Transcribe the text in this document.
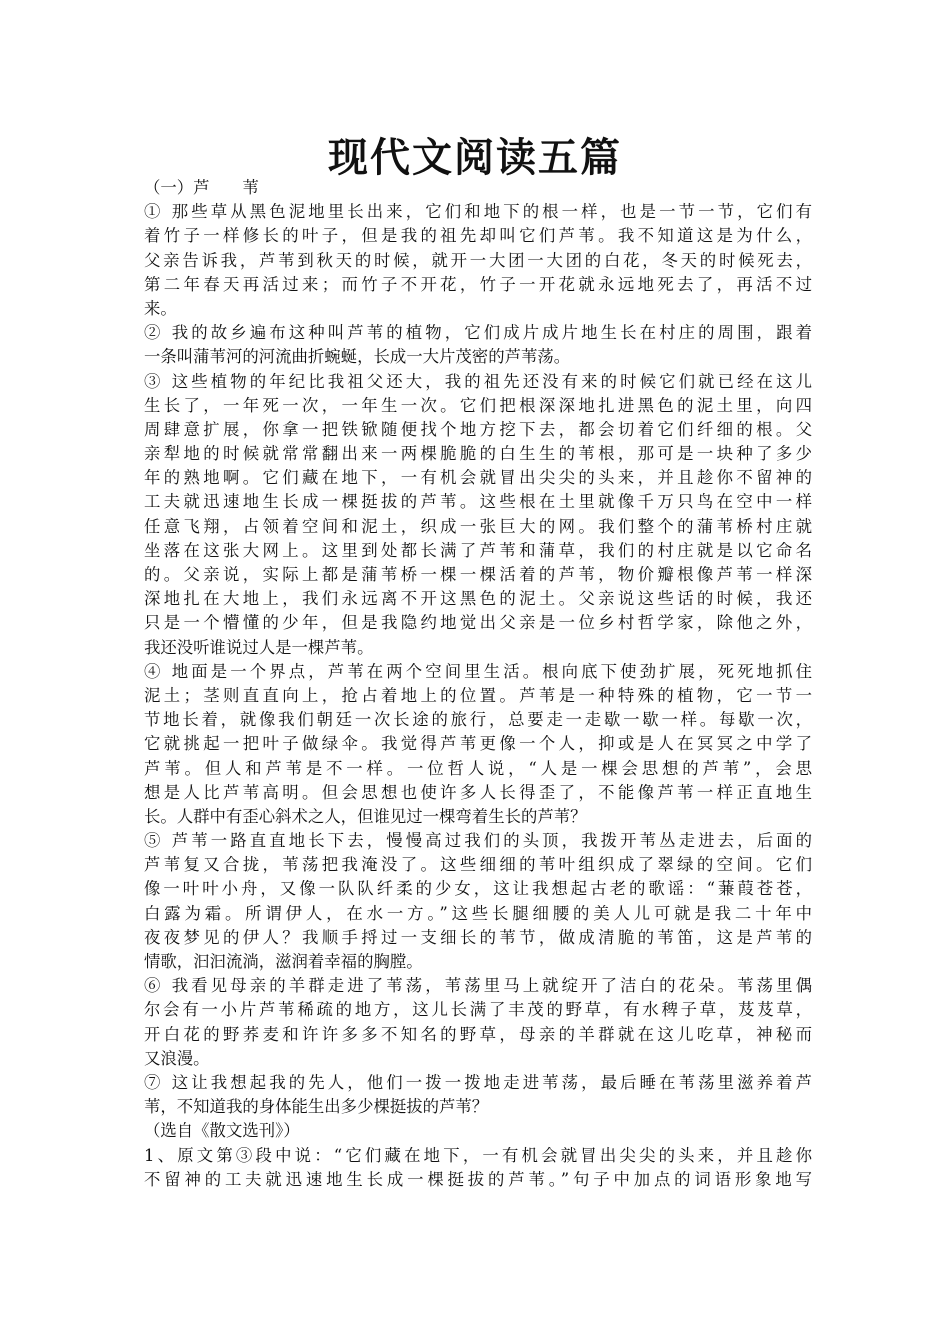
现代文阅读五篇
（一）芦　　苇
① 那些草从黑色泥地里长出来，它们和地下的根一样，也是一节一节，它们有
着竹子一样修长的叶子，但是我的祖先却叫它们芦苇。我不知道这是为什么，
父亲告诉我，芦苇到秋天的时候，就开一大团一大团的白花，冬天的时候死去，
第二年春天再活过来；而竹子不开花，竹子一开花就永远地死去了，再活不过
来。
② 我的故乡遍布这种叫芦苇的植物，它们成片成片地生长在村庄的周围，跟着
一条叫蒲苇河的河流曲折蜿蜒，长成一大片茂密的芦苇荡。
③ 这些植物的年纪比我祖父还大，我的祖先还没有来的时候它们就已经在这儿
生长了，一年死一次，一年生一次。它们把根深深地扎进黑色的泥土里，向四
周肆意扩展，你拿一把铁锨随便找个地方挖下去，都会切着它们纤细的根。父
亲犁地的时候就常常翻出来一两棵脆脆的白生生的苇根，那可是一块种了多少
年的熟地啊。它们藏在地下，一有机会就冒出尖尖的头来，并且趁你不留神的
工夫就迅速地生长成一棵挺拔的芦苇。这些根在土里就像千万只鸟在空中一样
任意飞翔，占领着空间和泥土，织成一张巨大的网。我们整个的蒲苇桥村庄就
坐落在这张大网上。这里到处都长满了芦苇和蒲草，我们的村庄就是以它命名
的。父亲说，实际上都是蒲苇桥一棵一棵活着的芦苇，物价瓣根像芦苇一样深
深地扎在大地上，我们永远离不开这黑色的泥土。父亲说这些话的时候，我还
只是一个懵懂的少年，但是我隐约地觉出父亲是一位乡村哲学家，除他之外，
我还没听谁说过人是一棵芦苇。
④ 地面是一个界点，芦苇在两个空间里生活。根向底下使劲扩展，死死地抓住
泥土；茎则直直向上，抢占着地上的位置。芦苇是一种特殊的植物，它一节一
节地长着，就像我们朝廷一次长途的旅行，总要走一走歇一歇一样。每歇一次，
它就挑起一把叶子做绿伞。我觉得芦苇更像一个人，抑或是人在冥冥之中学了
芦苇。但人和芦苇是不一样。一位哲人说，“人是一棵会思想的芦苇”，会思
想是人比芦苇高明。但会思想也使许多人长得歪了，不能像芦苇一样正直地生
长。人群中有歪心斜术之人，但谁见过一棵弯着生长的芦苇？
⑤ 芦苇一路直直地长下去，慢慢高过我们的头顶，我拨开苇丛走进去，后面的
芦苇复又合拢，苇荡把我淹没了。这些细细的苇叶组织成了翠绿的空间。它们
像一叶叶小舟，又像一队队纤柔的少女，这让我想起古老的歌谣：“蒹葭苍苍，
白露为霜。所谓伊人，在水一方。”这些长腿细腰的美人儿可就是我二十年中
夜夜梦见的伊人？我顺手捋过一支细长的苇节，做成清脆的苇笛，这是芦苇的
情歌，汩汩流淌，滋润着幸福的胸膛。
⑥ 我看见母亲的羊群走进了苇荡，苇荡里马上就绽开了洁白的花朵。苇荡里偶
尔会有一小片芦苇稀疏的地方，这儿长满了丰茂的野草，有水稗子草，芨芨草，
开白花的野荞麦和许许多多不知名的野草，母亲的羊群就在这儿吃草，神秘而
又浪漫。
⑦ 这让我想起我的先人，他们一拨一拨地走进苇荡，最后睡在苇荡里滋养着芦
苇，不知道我的身体能生出多少棵挺拔的芦苇？
（选自《散文选刊》）
1、原文第③段中说：“它们藏在地下，一有机会就冒出尖尖的头来，并且趁你
不留神的工夫就迅速地生长成一棵挺拔的芦苇。”句子中加点的词语形象地写
